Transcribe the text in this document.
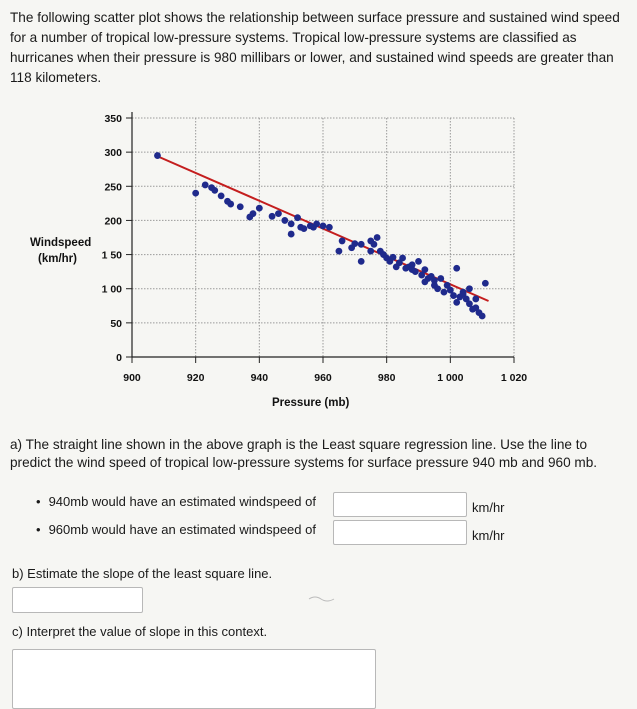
The following scatter plot shows the relationship between surface pressure and sustained wind speed for a number of tropical low-pressure systems. Tropical low-pressure systems are classified as hurricanes when their pressure is 980 millibars or lower, and sustained wind speeds are greater than 118 kilometers.

350
300
250
200
1 50
1 00
50
0
900	920	940	960	980	1 000	1 020
Windspeed
(km/hr)
Pressure (mb)

a) The straight line shown in the above graph is the Least square regression line. Use the line to predict the wind speed of tropical low-pressure systems for surface pressure 940 mb and 960 mb.

• 940mb would have an estimated windspeed of	km/hr
• 960mb would have an estimated windspeed of	km/hr
b) Estimate the slope of the least square line.
c) Interpret the value of slope in this context.
